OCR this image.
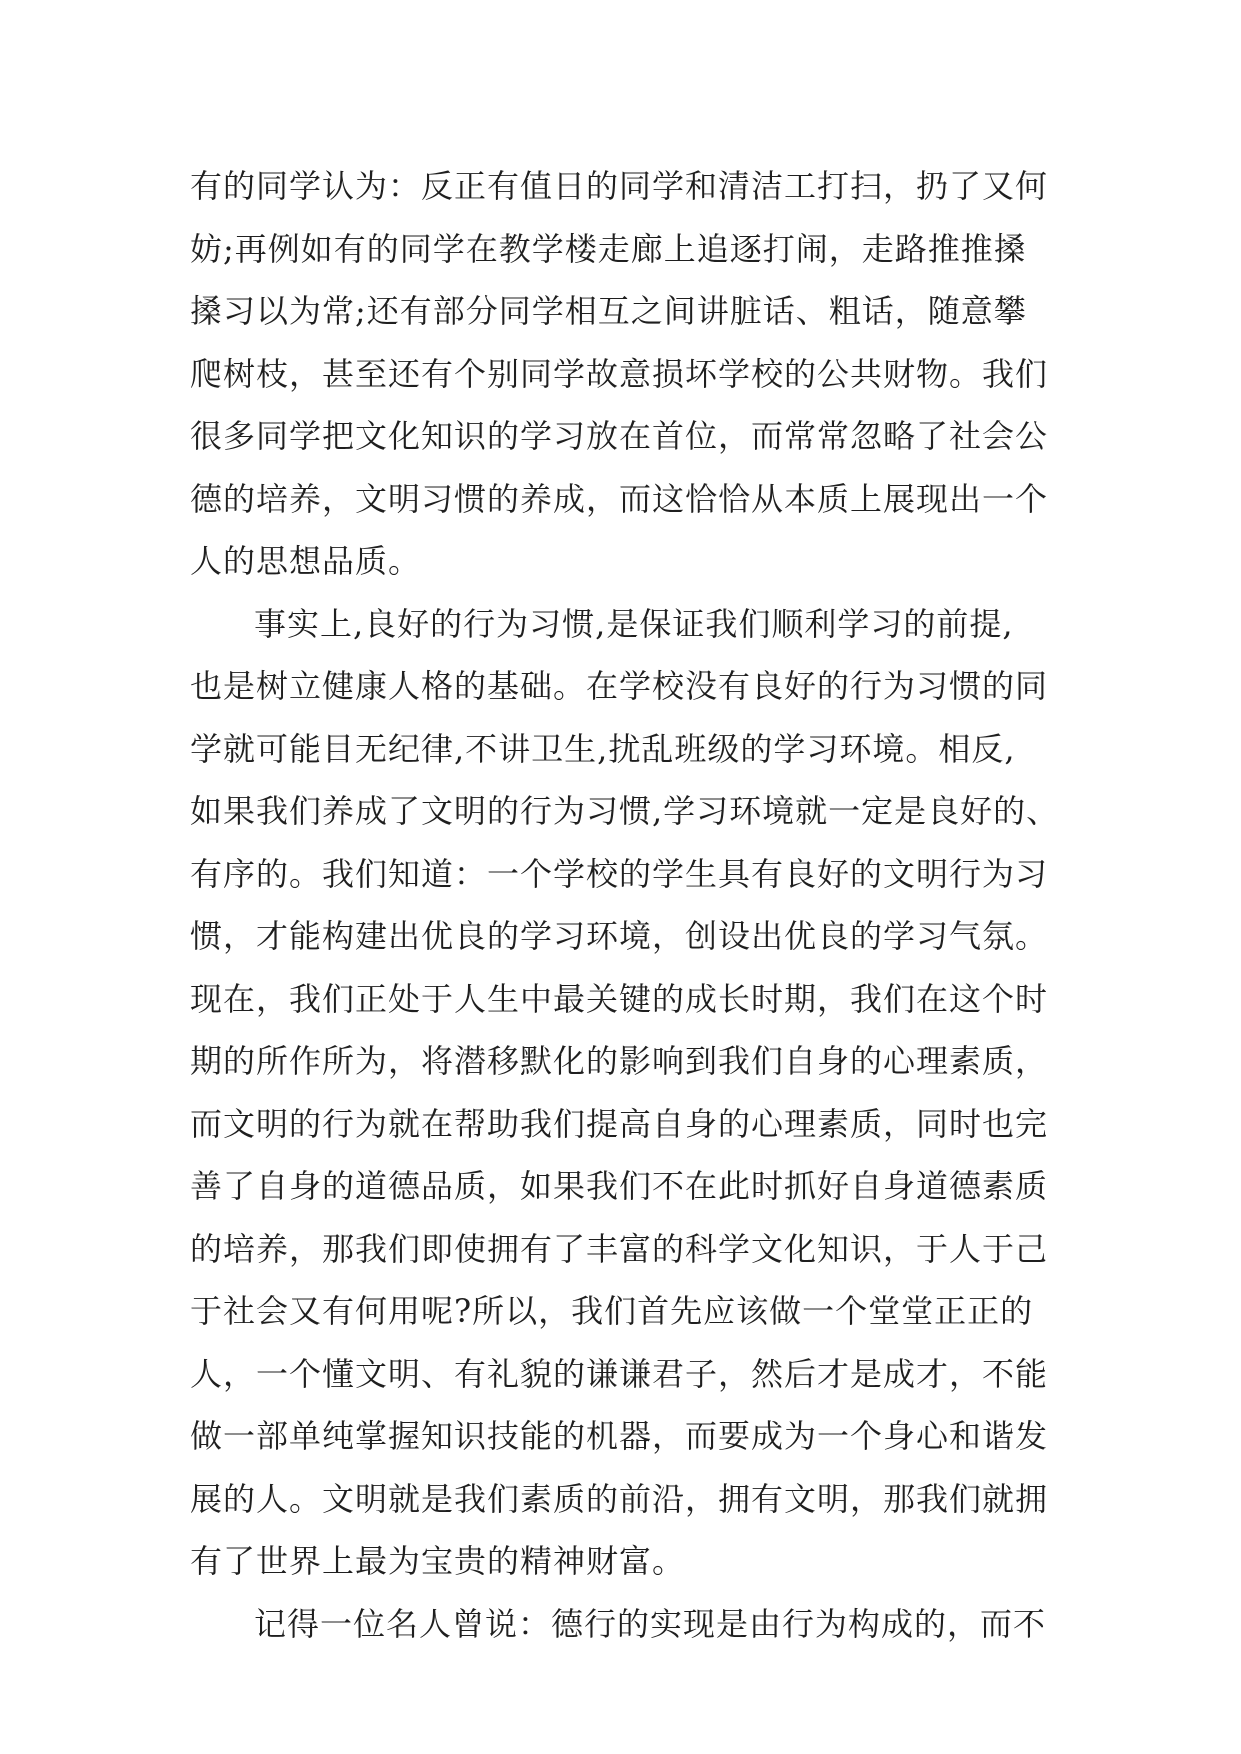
有的同学认为：反正有值日的同学和清洁工打扫，扔了又何
妨;再例如有的同学在教学楼走廊上追逐打闹，走路推推搡
搡习以为常;还有部分同学相互之间讲脏话、粗话，随意攀
爬树枝，甚至还有个别同学故意损坏学校的公共财物。我们
很多同学把文化知识的学习放在首位，而常常忽略了社会公
德的培养，文明习惯的养成，而这恰恰从本质上展现出一个
人的思想品质。
事实上,良好的行为习惯,是保证我们顺利学习的前提,
也是树立健康人格的基础。在学校没有良好的行为习惯的同
学就可能目无纪律,不讲卫生,扰乱班级的学习环境。相反,
如果我们养成了文明的行为习惯,学习环境就一定是良好的、
有序的。我们知道：一个学校的学生具有良好的文明行为习
惯，才能构建出优良的学习环境，创设出优良的学习气氛。
现在，我们正处于人生中最关键的成长时期，我们在这个时
期的所作所为，将潜移默化的影响到我们自身的心理素质，
而文明的行为就在帮助我们提高自身的心理素质，同时也完
善了自身的道德品质，如果我们不在此时抓好自身道德素质
的培养，那我们即使拥有了丰富的科学文化知识，于人于己
于社会又有何用呢?所以，我们首先应该做一个堂堂正正的
人，一个懂文明、有礼貌的谦谦君子，然后才是成才，不能
做一部单纯掌握知识技能的机器，而要成为一个身心和谐发
展的人。文明就是我们素质的前沿，拥有文明，那我们就拥
有了世界上最为宝贵的精神财富。
记得一位名人曾说：德行的实现是由行为构成的，而不
